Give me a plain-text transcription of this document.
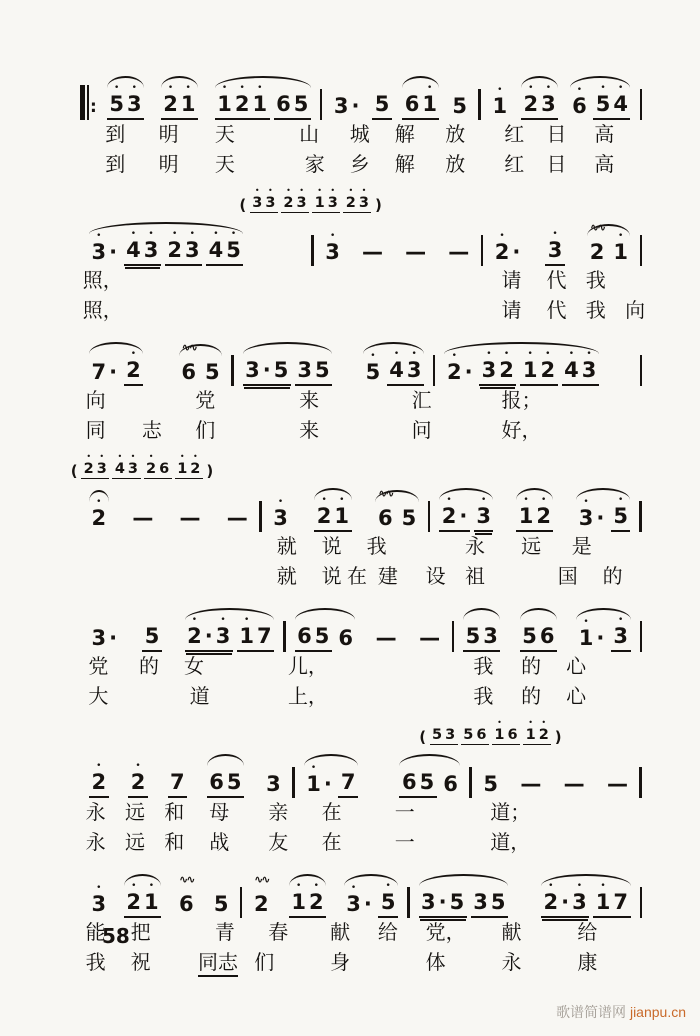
: 5
•
3
•
2
•
1
•
1
•
2
•
1
•
6 5 3 · 5 6 1
•
5 1
•
2
•
3
•
6
•
5
•
4
•
到 明 天	山 城 解 放 红 日 高
到 明 天	家 乡 解 放 红 日 高
( 3
•
3
•
2
•
3
•
1
•
3
•
2
•
3
•
)
3
•
· 4
•
3
•
2
•
3
•
4
•
5
•
3
•
— — — 2
•
· 3
•
2
∿∿
1
•
照，	请 代 我
照，	请 代 我 向
7 · 2
•
6
∿∿
5 3 · 5 3 5 5
•
4
•
3
•
2
•
· 3
•
2
•
1
•
2
•
4
•
3
•
向	党	来	汇	报；
同 志 们	来	问	好，
( 2
•
3
•
4
•
3
•
2
•
6 1
•
2
•
)
2
•
— — — 3
•
2
•
1
•
6
∿∿
5 2
•
· 3
•
1
•
2
•
3
•
· 5
•
就 说 我	永 远 是
就 说 在 建 设 祖	国 的
3 · 5 2
•
· 3
•
1
•
7 6 5 6 — — 5 3 5 6 1
•
· 3
•
党 的 女	儿，	我 的 心
大	道	上，	我 的 心
( 5 3 5 6 1
•
6 1
•
2
•
)
2
•
2
•
7 6 5 3 1
•
· 7 6 5 6 5 — — —
永 远 和 母 亲 在	一	道；
永 远 和 战 友 在	一	道，
3
•
2
•
1
•
6
∿∿
5 2
∿∿
1
•
2
•
3
•
· 5
•
3 · 5 3 5 2
•
· 3
•
1
•
7
能 把	青 春 献 给 党， 献	给
我 祝 同志 们	身	体	永	康
58
歌谱简谱网 jianpu.cn
